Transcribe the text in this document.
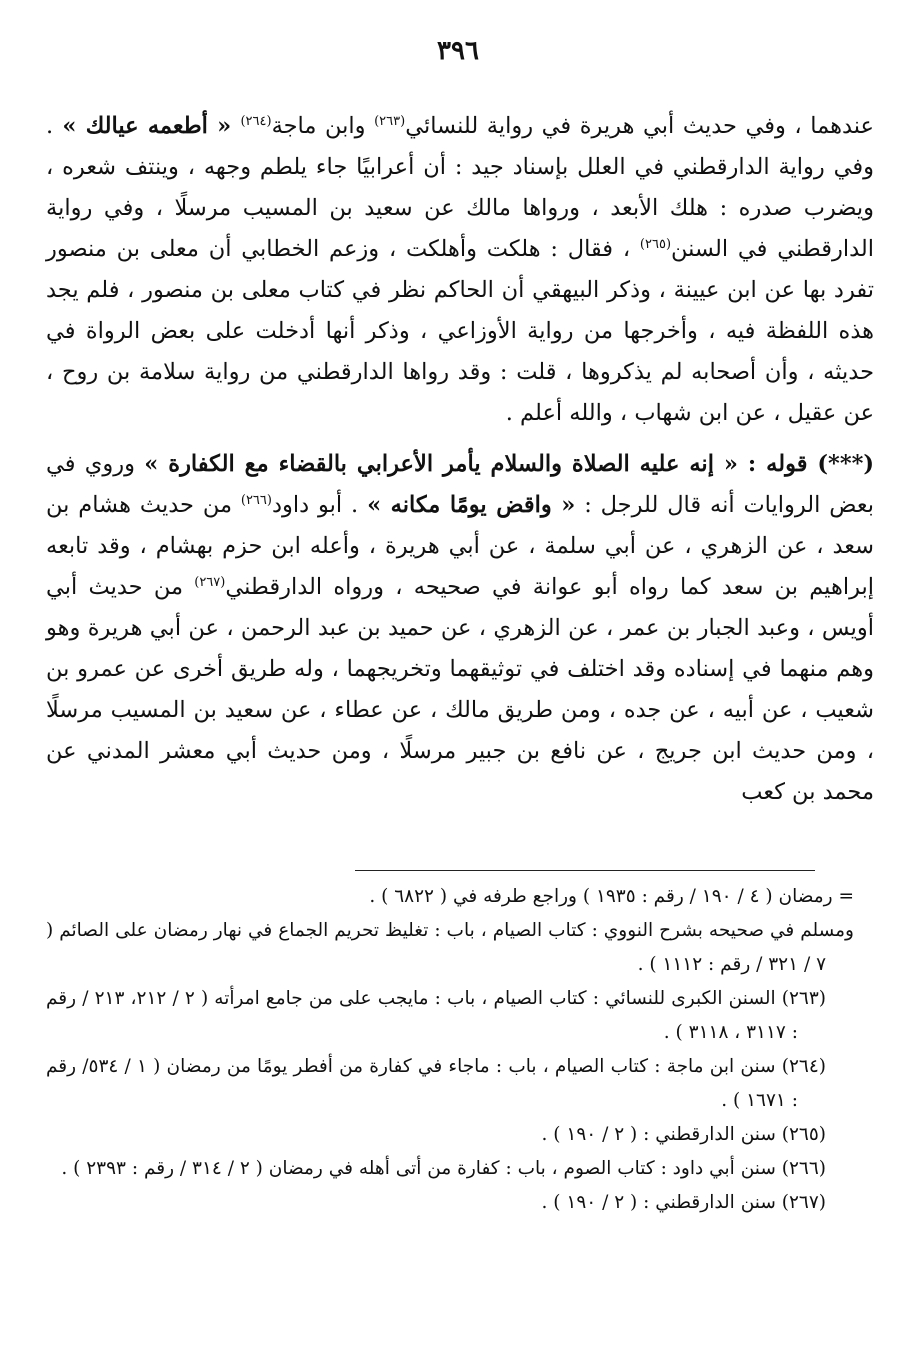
٣٩٦

عندهما ، وفي حديث أبي هريرة في رواية للنسائي$^{(٢٦٣)}$ وابن ماجة$^{(٢٦٤)}$ « أطعمه عيالك » . وفي رواية الدارقطني في العلل بإسناد جيد : أن أعرابيًا جاء يلطم وجهه ، وينتف شعره ، ويضرب صدره : هلك الأبعد ، ورواها مالك عن سعيد بن المسيب مرسلًا ، وفي رواية الدارقطني في السنن$^{(٢٦٥)}$ ، فقال : هلكت وأهلكت ، وزعم الخطابي أن معلى بن منصور تفرد بها عن ابن عيينة ، وذكر البيهقي أن الحاكم نظر في كتاب معلى بن منصور ، فلم يجد هذه اللفظة فيه ، وأخرجها من رواية الأوزاعي ، وذكر أنها أدخلت على بعض الرواة في حديثه ، وأن أصحابه لم يذكروها ، قلت : وقد رواها الدارقطني من رواية سلامة بن روح ، عن عقيل ، عن ابن شهاب ، والله أعلم .

(***) قوله : « إنه عليه الصلاة والسلام يأمر الأعرابي بالقضاء مع الكفارة » وروي في بعض الروايات أنه قال للرجل : « واقض يومًا مكانه » . أبو داود$^{(٢٦٦)}$ من حديث هشام بن سعد ، عن الزهري ، عن أبي سلمة ، عن أبي هريرة ، وأعله ابن حزم بهشام ، وقد تابعه إبراهيم بن سعد كما رواه أبو عوانة في صحيحه ، ورواه الدارقطني$^{(٢٦٧)}$ من حديث أبي أويس ، وعبد الجبار بن عمر ، عن الزهري ، عن حميد بن عبد الرحمن ، عن أبي هريرة وهو وهم منهما في إسناده وقد اختلف في توثيقهما وتخريجهما ، وله طريق أخرى عن عمرو بن شعيب ، عن أبيه ، عن جده ، ومن طريق مالك ، عن عطاء ، عن سعيد بن المسيب مرسلًا ، ومن حديث ابن جريج ، عن نافع بن جبير مرسلًا ، ومن حديث أبي معشر المدني عن محمد بن كعب

= رمضان ( ٤ / ١٩٠ / رقم : ١٩٣٥ ) وراجع طرفه في ( ٦٨٢٢ ) .

ومسلم في صحيحه بشرح النووي : كتاب الصيام ، باب : تغليظ تحريم الجماع في نهار رمضان على الصائم ( ٧ / ٣٢١ / رقم : ١١١٢ ) .

(٢٦٣) السنن الكبرى للنسائي : كتاب الصيام ، باب : مايجب على من جامع امرأته ( ٢ / ٢١٢، ٢١٣ / رقم : ٣١١٧ ، ٣١١٨ ) .

(٢٦٤) سنن ابن ماجة : كتاب الصيام ، باب : ماجاء في كفارة من أفطر يومًا من رمضان ( ١ / ٥٣٤/ رقم : ١٦٧١ ) .

(٢٦٥) سنن الدارقطني : ( ٢ / ١٩٠ ) .

(٢٦٦) سنن أبي داود : كتاب الصوم ، باب : كفارة من أتى أهله في رمضان ( ٢ / ٣١٤ / رقم : ٢٣٩٣ ) .

(٢٦٧) سنن الدارقطني : ( ٢ / ١٩٠ ) .
